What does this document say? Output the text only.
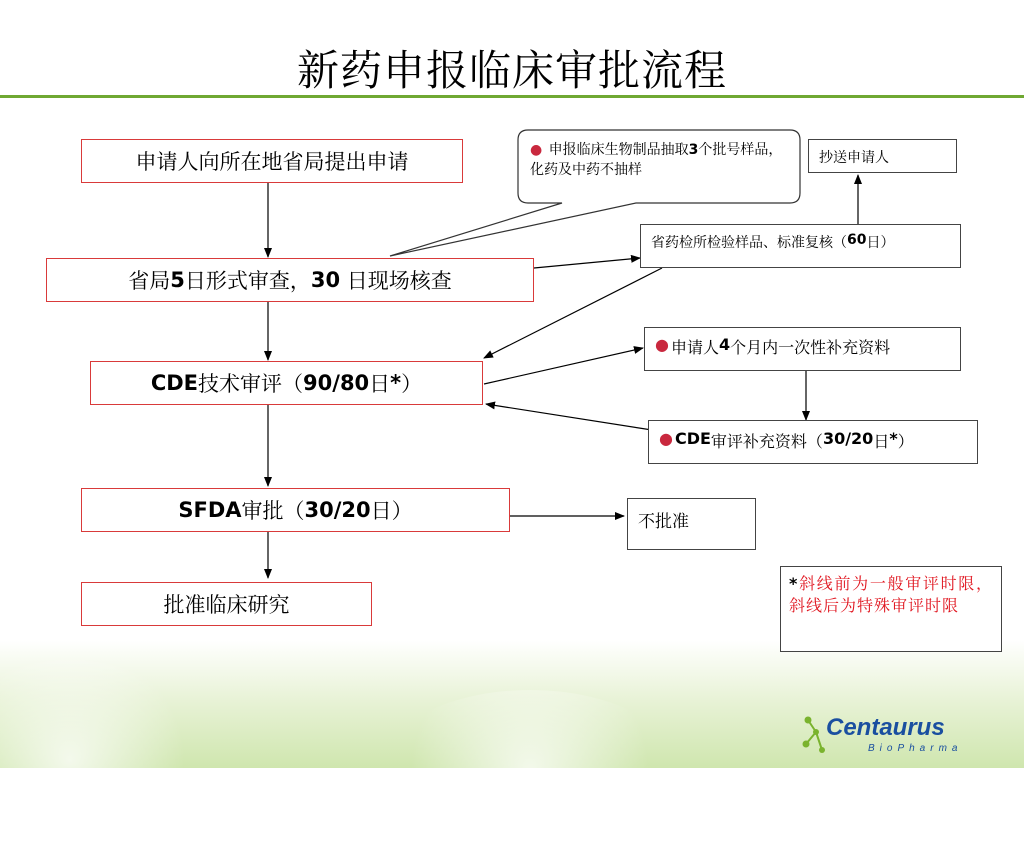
新药申报临床审批流程
● 申报临床生物制品抽取3个批号样品，化药及中药不抽样
申请人向所在地省局提出申请
省局 5 日形式审查， 30 日现场核查
CDE 技术审评（ 90/80 日 * ）
SFDA 审批（ 30/20 日）
批准临床研究
抄送申请人
省药检所检验样品、标准复核（ 60 日）
● 申请人 4 个月内一次性补充资料
● CDE 审评补充资料（ 30/20 日 * ）
不批准
*斜线前为一般审评时限，斜线后为特殊审评时限
Centaurus
BioPharma
